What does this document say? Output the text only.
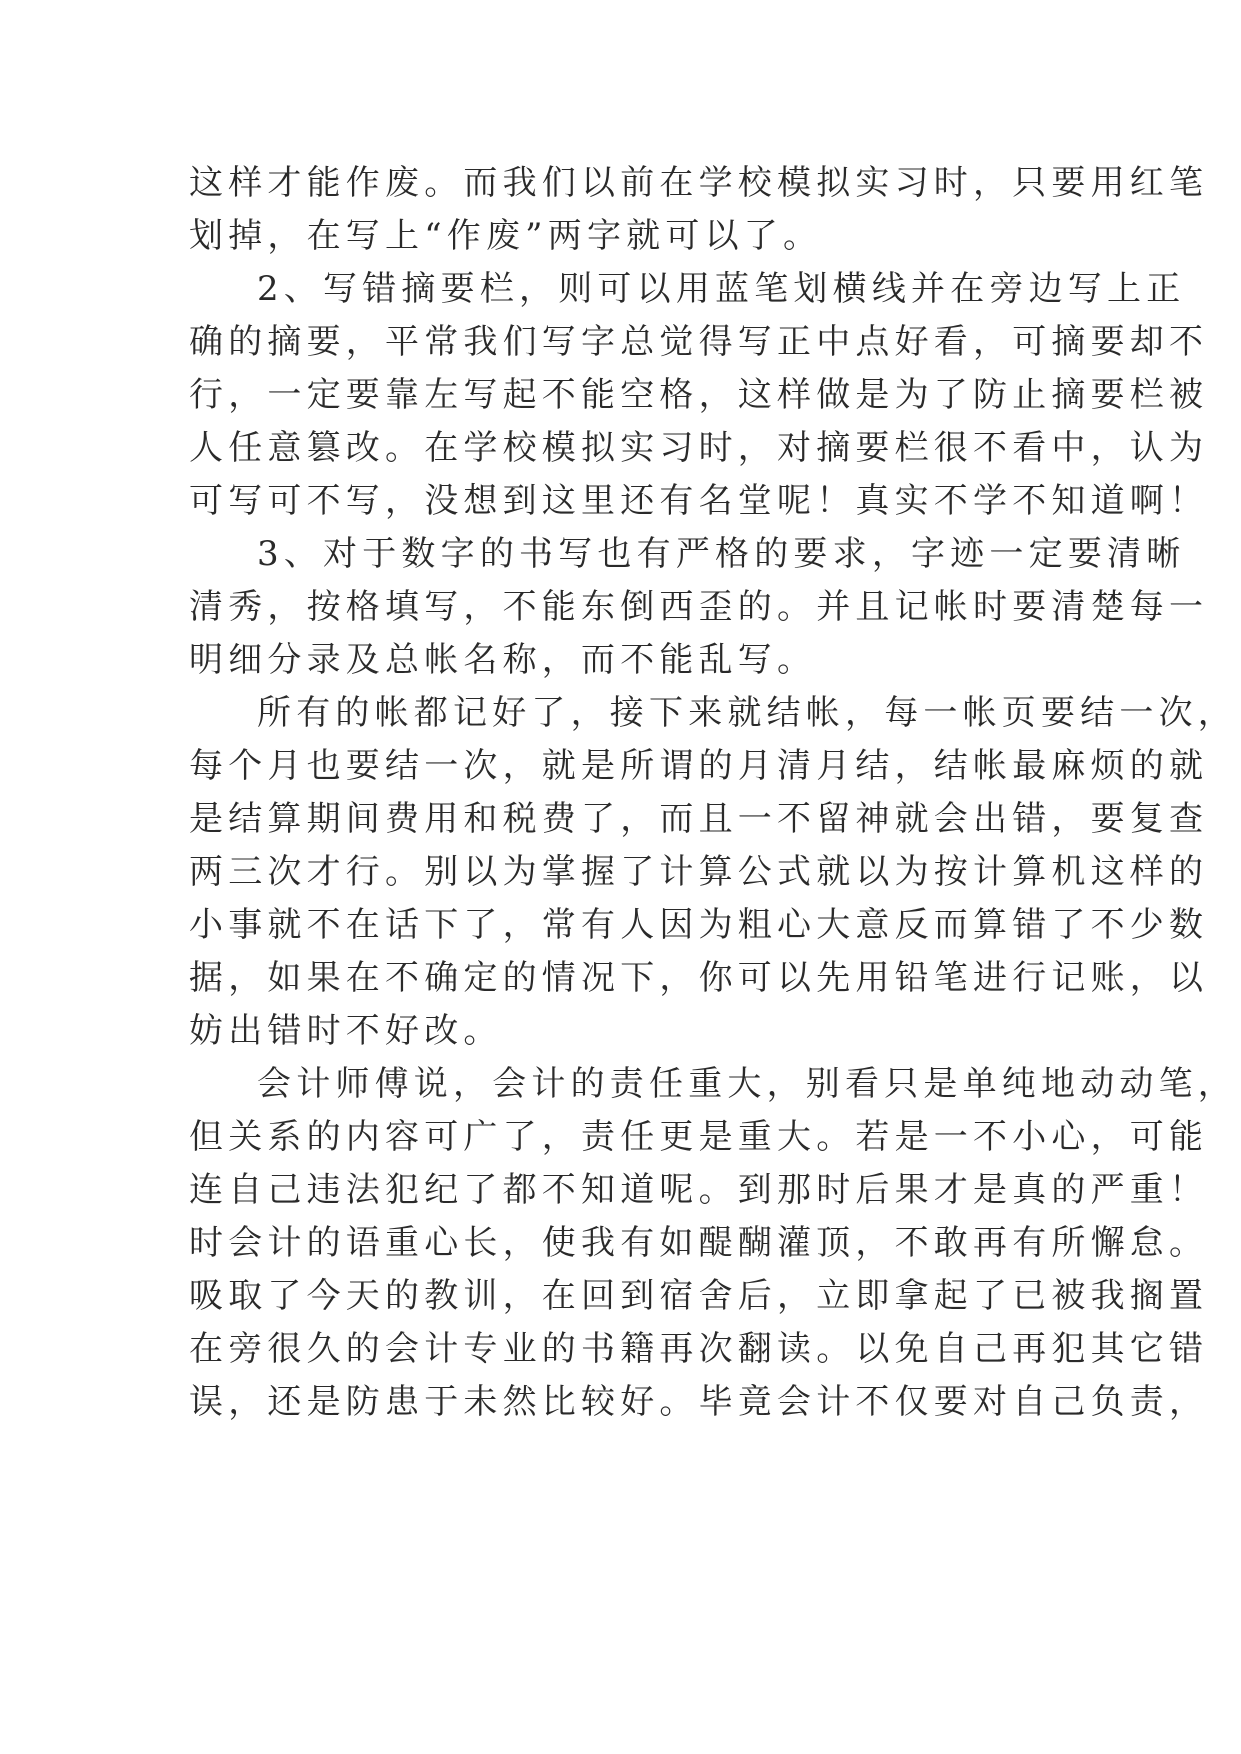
这样才能作废。而我们以前在学校模拟实习时，只要用红笔
划掉，在写上“作废”两字就可以了。
2、写错摘要栏，则可以用蓝笔划横线并在旁边写上正
确的摘要，平常我们写字总觉得写正中点好看，可摘要却不
行，一定要靠左写起不能空格，这样做是为了防止摘要栏被
人任意篡改。在学校模拟实习时，对摘要栏很不看中，认为
可写可不写，没想到这里还有名堂呢！真实不学不知道啊！
3、对于数字的书写也有严格的要求，字迹一定要清晰
清秀，按格填写，不能东倒西歪的。并且记帐时要清楚每一
明细分录及总帐名称，而不能乱写。
所有的帐都记好了，接下来就结帐，每一帐页要结一次，
每个月也要结一次，就是所谓的月清月结，结帐最麻烦的就
是结算期间费用和税费了，而且一不留神就会出错，要复查
两三次才行。别以为掌握了计算公式就以为按计算机这样的
小事就不在话下了，常有人因为粗心大意反而算错了不少数
据，如果在不确定的情况下，你可以先用铅笔进行记账，以
妨出错时不好改。
会计师傅说，会计的责任重大，别看只是单纯地动动笔，
但关系的内容可广了，责任更是重大。若是一不小心，可能
连自己违法犯纪了都不知道呢。到那时后果才是真的严重！
时会计的语重心长，使我有如醍醐灌顶，不敢再有所懈怠。
吸取了今天的教训，在回到宿舍后，立即拿起了已被我搁置
在旁很久的会计专业的书籍再次翻读。以免自己再犯其它错
误，还是防患于未然比较好。毕竟会计不仅要对自己负责，
